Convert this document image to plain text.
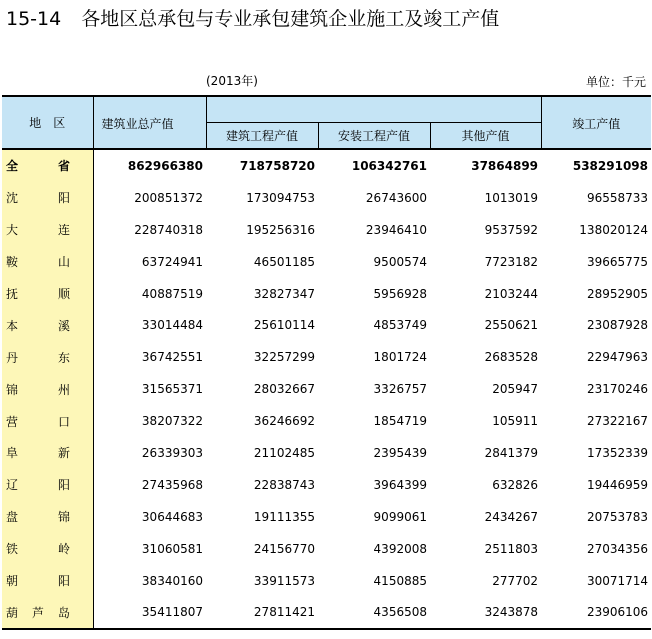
15-14 各地区总承包与专业承包建筑企业施工及竣工产值
(2013年)	单位：千元
地　区	建筑业总产值				竣工产值

		建筑工程产值	安装工程产值	其他产值	

全 省	862966380	718758720	106342761	37864899	538291098

沈 阳	200851372	173094753	26743600	1013019	96558733

大 连	228740318	195256316	23946410	9537592	138020124

鞍 山	63724941	46501185	9500574	7723182	39665775

抚 顺	40887519	32827347	5956928	2103244	28952905

本 溪	33014484	25610114	4853749	2550621	23087928

丹 东	36742551	32257299	1801724	2683528	22947963

锦 州	31565371	28032667	3326757	205947	23170246

营 口	38207322	36246692	1854719	105911	27322167

阜 新	26339303	21102485	2395439	2841379	17352339

辽 阳	27435968	22838743	3964399	632826	19446959

盘 锦	30644683	19111355	9099061	2434267	20753783

铁 岭	31060581	24156770	4392008	2511803	27034356

朝 阳	38340160	33911573	4150885	277702	30071714

葫 芦 岛	35411807	27811421	4356508	3243878	23906106
